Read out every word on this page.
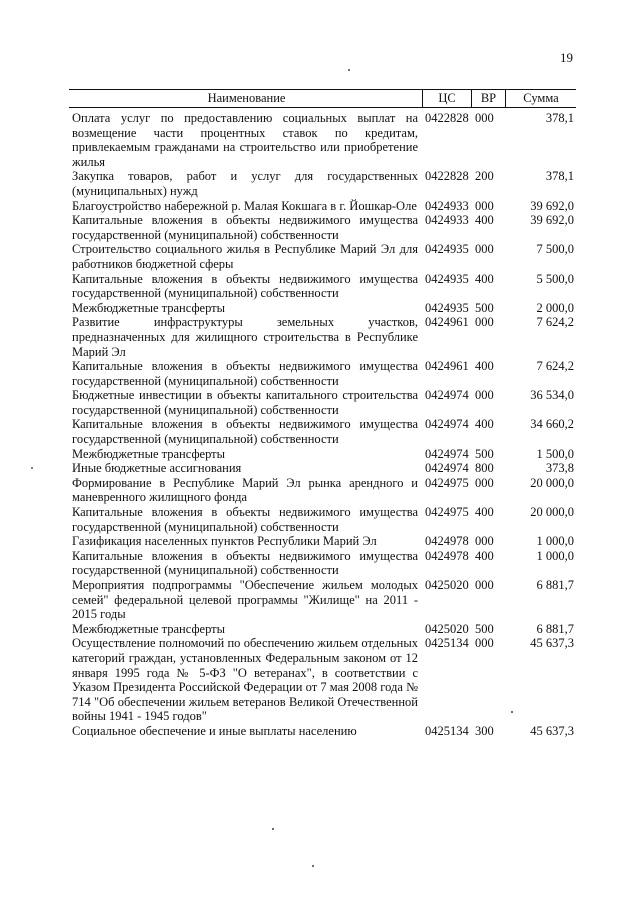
19
Наименование	ЦС	ВР	Сумма
Оплата услуг по предоставлению социальных выплат на возмещение части процентных ставок по кредитам, привлекаемым гражданами на строительство или приобретение жилья
0422828 000	378,1
Закупка товаров, работ и услуг для государственных (муниципальных) нужд
0422828 200	378,1
Благоустройство набережной р. Малая Кокшага в г. Йошкар-Оле 0424933 000	39 692,0
Капитальные вложения в объекты недвижимого имущества государственной (муниципальной) собственности
0424933 400	39 692,0
Строительство социального жилья в Республике Марий Эл для работников бюджетной сферы
0424935 000	7 500,0
Капитальные вложения в объекты недвижимого имущества государственной (муниципальной) собственности
0424935 400	5 500,0
Межбюджетные трансферты	0424935 500	2 000,0
Развитие инфраструктуры земельных участков, предназначенных для жилищного строительства в Республике Марий Эл
0424961 000	7 624,2
Капитальные вложения в объекты недвижимого имущества государственной (муниципальной) собственности
0424961 400	7 624,2
Бюджетные инвестиции в объекты капитального строительства государственной (муниципальной) собственности
0424974 000	36 534,0
Капитальные вложения в объекты недвижимого имущества государственной (муниципальной) собственности
0424974 400	34 660,2
Межбюджетные трансферты	0424974 500	1 500,0
Иные бюджетные ассигнования	0424974 800	373,8
Формирование в Республике Марий Эл рынка арендного и маневренного жилищного фонда
0424975 000	20 000,0
Капитальные вложения в объекты недвижимого имущества государственной (муниципальной) собственности
0424975 400	20 000,0
Газификация населенных пунктов Республики Марий Эл	0424978 000	1 000,0
Капитальные вложения в объекты недвижимого имущества государственной (муниципальной) собственности
0424978 400	1 000,0
Мероприятия подпрограммы "Обеспечение жильем молодых семей" федеральной целевой программы "Жилище" на 2011 - 2015 годы
0425020 000	6 881,7
Межбюджетные трансферты	0425020 500	6 881,7
Осуществление полномочий по обеспечению жильем отдельных категорий граждан, установленных Федеральным законом от 12 января 1995 года № 5-ФЗ "О ветеранах", в соответствии с Указом Президента Российской Федерации от 7 мая 2008 года № 714 "Об обеспечении жильем ветеранов Великой Отечественной войны 1941 - 1945 годов"
0425134 000	45 637,3
Социальное обеспечение и иные выплаты населению	0425134 300	45 637,3
